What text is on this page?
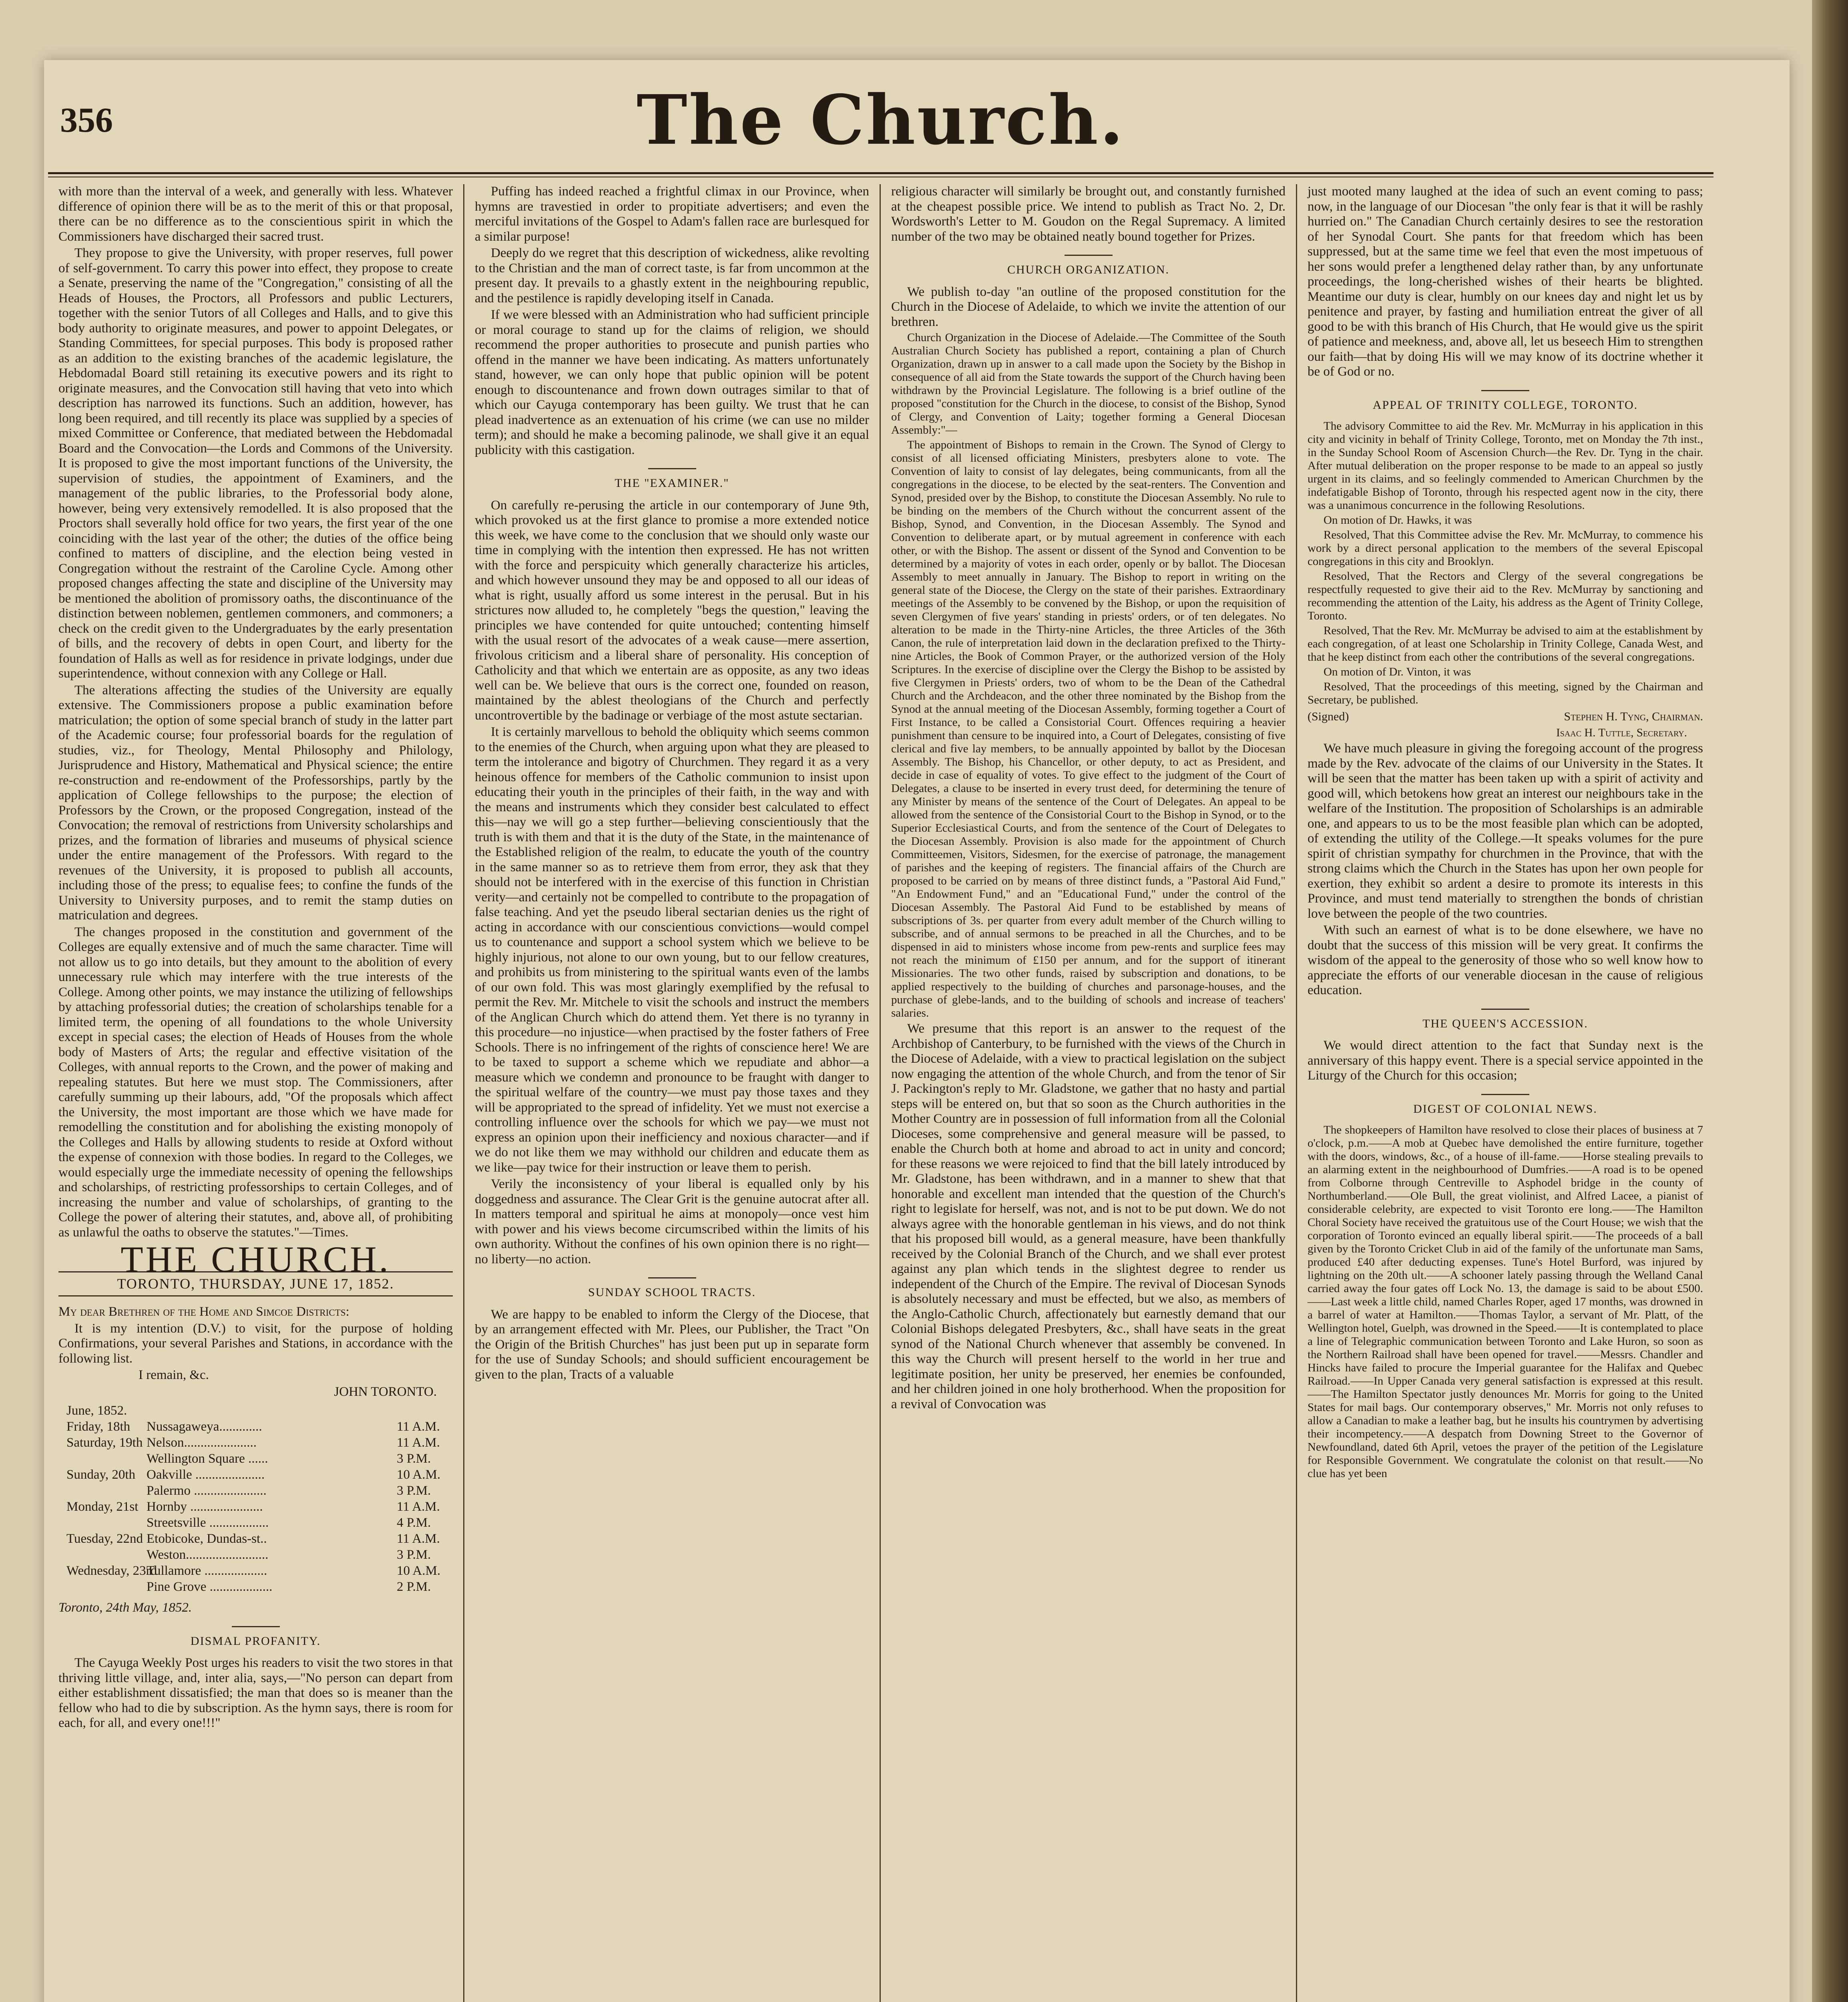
356	The Church.

with more than the interval of a week, and generally with less. Whatever difference of opinion there will be as to the merit of this or that proposal, there can be no difference as to the conscientious spirit in which the Commissioners have discharged their sacred trust.

They propose to give the University, with proper reserves, full power of self-government. To carry this power into effect, they propose to create a Senate, preserving the name of the "Congregation," consisting of all the Heads of Houses, the Proctors, all Professors and public Lecturers, together with the senior Tutors of all Colleges and Halls, and to give this body authority to originate measures, and power to appoint Delegates, or Standing Committees, for special purposes. This body is proposed rather as an addition to the existing branches of the academic legislature, the Hebdomadal Board still retaining its executive powers and its right to originate measures, and the Convocation still having that veto into which description has narrowed its functions. Such an addition, however, has long been required, and till recently its place was supplied by a species of mixed Committee or Conference, that mediated between the Hebdomadal Board and the Convocation—the Lords and Commons of the University. It is proposed to give the most important functions of the University, the supervision of studies, the appointment of Examiners, and the management of the public libraries, to the Professorial body alone, however, being very extensively remodelled. It is also proposed that the Proctors shall severally hold office for two years, the first year of the one coinciding with the last year of the other; the duties of the office being confined to matters of discipline, and the election being vested in Congregation without the restraint of the Caroline Cycle. Among other proposed changes affecting the state and discipline of the University may be mentioned the abolition of promissory oaths, the discontinuance of the distinction between noblemen, gentlemen commoners, and commoners; a check on the credit given to the Undergraduates by the early presentation of bills, and the recovery of debts in open Court, and liberty for the foundation of Halls as well as for residence in private lodgings, under due superintendence, without connexion with any College or Hall.

The alterations affecting the studies of the University are equally extensive. The Commissioners propose a public examination before matriculation; the option of some special branch of study in the latter part of the Academic course; four professorial boards for the regulation of studies, viz., for Theology, Mental Philosophy and Philology, Jurisprudence and History, Mathematical and Physical science; the entire re-construction and re-endowment of the Professorships, partly by the application of College fellowships to the purpose; the election of Professors by the Crown, or the proposed Congregation, instead of the Convocation; the removal of restrictions from University scholarships and prizes, and the formation of libraries and museums of physical science under the entire management of the Professors. With regard to the revenues of the University, it is proposed to publish all accounts, including those of the press; to equalise fees; to confine the funds of the University to University purposes, and to remit the stamp duties on matriculation and degrees.

The changes proposed in the constitution and government of the Colleges are equally extensive and of much the same character. Time will not allow us to go into details, but they amount to the abolition of every unnecessary rule which may interfere with the true interests of the College. Among other points, we may instance the utilizing of fellowships by attaching professorial duties; the creation of scholarships tenable for a limited term, the opening of all foundations to the whole University except in special cases; the election of Heads of Houses from the whole body of Masters of Arts; the regular and effective visitation of the Colleges, with annual reports to the Crown, and the power of making and repealing statutes. But here we must stop. The Commissioners, after carefully summing up their labours, add, "Of the proposals which affect the University, the most important are those which we have made for remodelling the constitution and for abolishing the existing monopoly of the Colleges and Halls by allowing students to reside at Oxford without the expense of connexion with those bodies. In regard to the Colleges, we would especially urge the immediate necessity of opening the fellowships and scholarships, of restricting professorships to certain Colleges, and of increasing the number and value of scholarships, of granting to the College the power of altering their statutes, and, above all, of prohibiting as unlawful the oaths to observe the statutes."—Times.

THE CHURCH.
TORONTO, THURSDAY, JUNE 17, 1852.

My dear Brethren of the Home and Simcoe Districts:

It is my intention (D.V.) to visit, for the purpose of holding Confirmations, your several Parishes and Stations, in accordance with the following list.

I remain, &c.
JOHN TORONTO.
June, 1852.
Friday, 18th	Nussagaweya.............	11 A.M.
Saturday, 19th Nelson......................	11 A.M.
Wellington Square ......	3 P.M.
Sunday, 20th Oakville .....................	10 A.M.
Palermo ......................	3 P.M.
Monday, 21st Hornby ......................	11 A.M.
Streetsville ..................	4 P.M.
Tuesday, 22nd Etobicoke, Dundas-st..	11 A.M.
Weston.........................	3 P.M.
Wednesday, 23rd
Tullamore ...................	10 A.M.
Pine Grove ...................	2 P.M.

Toronto, 24th May, 1852.

DISMAL PROFANITY.

The Cayuga Weekly Post urges his readers to visit the two stores in that thriving little village, and, inter alia, says,—"No person can depart from either establishment dissatisfied; the man that does so is meaner than the fellow who had to die by subscription. As the hymn says, there is room for each, for all, and every one!!!"

Puffing has indeed reached a frightful climax in our Province, when hymns are travestied in order to propitiate advertisers; and even the merciful invitations of the Gospel to Adam's fallen race are burlesqued for a similar purpose!

Deeply do we regret that this description of wickedness, alike revolting to the Christian and the man of correct taste, is far from uncommon at the present day. It prevails to a ghastly extent in the neighbouring republic, and the pestilence is rapidly developing itself in Canada.

If we were blessed with an Administration who had sufficient principle or moral courage to stand up for the claims of religion, we should recommend the proper authorities to prosecute and punish parties who offend in the manner we have been indicating. As matters unfortunately stand, however, we can only hope that public opinion will be potent enough to discountenance and frown down outrages similar to that of which our Cayuga contemporary has been guilty. We trust that he can plead inadvertence as an extenuation of his crime (we can use no milder term); and should he make a becoming palinode, we shall give it an equal publicity with this castigation.

THE "EXAMINER."

On carefully re-perusing the article in our contemporary of June 9th, which provoked us at the first glance to promise a more extended notice this week, we have come to the conclusion that we should only waste our time in complying with the intention then expressed. He has not written with the force and perspicuity which generally characterize his articles, and which however unsound they may be and opposed to all our ideas of what is right, usually afford us some interest in the perusal. But in his strictures now alluded to, he completely "begs the question," leaving the principles we have contended for quite untouched; contenting himself with the usual resort of the advocates of a weak cause—mere assertion, frivolous criticism and a liberal share of personality. His conception of Catholicity and that which we entertain are as opposite, as any two ideas well can be. We believe that ours is the correct one, founded on reason, maintained by the ablest theologians of the Church and perfectly uncontrovertible by the badinage or verbiage of the most astute sectarian.

It is certainly marvellous to behold the obliquity which seems common to the enemies of the Church, when arguing upon what they are pleased to term the intolerance and bigotry of Churchmen. They regard it as a very heinous offence for members of the Catholic communion to insist upon educating their youth in the principles of their faith, in the way and with the means and instruments which they consider best calculated to effect this—nay we will go a step further—believing conscientiously that the truth is with them and that it is the duty of the State, in the maintenance of the Established religion of the realm, to educate the youth of the country in the same manner so as to retrieve them from error, they ask that they should not be interfered with in the exercise of this function in Christian verity—and certainly not be compelled to contribute to the propagation of false teaching. And yet the pseudo liberal sectarian denies us the right of acting in accordance with our conscientious convictions—would compel us to countenance and support a school system which we believe to be highly injurious, not alone to our own young, but to our fellow creatures, and prohibits us from ministering to the spiritual wants even of the lambs of our own fold. This was most glaringly exemplified by the refusal to permit the Rev. Mr. Mitchele to visit the schools and instruct the members of the Anglican Church which do attend them. Yet there is no tyranny in this procedure—no injustice—when practised by the foster fathers of Free Schools. There is no infringement of the rights of conscience here! We are to be taxed to support a scheme which we repudiate and abhor—a measure which we condemn and pronounce to be fraught with danger to the spiritual welfare of the country—we must pay those taxes and they will be appropriated to the spread of infidelity. Yet we must not exercise a controlling influence over the schools for which we pay—we must not express an opinion upon their inefficiency and noxious character—and if we do not like them we may withhold our children and educate them as we like—pay twice for their instruction or leave them to perish.

Verily the inconsistency of your liberal is equalled only by his doggedness and assurance. The Clear Grit is the genuine autocrat after all. In matters temporal and spiritual he aims at monopoly—once vest him with power and his views become circumscribed within the limits of his own authority. Without the confines of his own opinion there is no right—no liberty—no action.

SUNDAY SCHOOL TRACTS.

We are happy to be enabled to inform the Clergy of the Diocese, that by an arrangement effected with Mr. Plees, our Publisher, the Tract "On the Origin of the British Churches" has just been put up in separate form for the use of Sunday Schools; and should sufficient encouragement be given to the plan, Tracts of a valuable

religious character will similarly be brought out, and constantly furnished at the cheapest possible price. We intend to publish as Tract No. 2, Dr. Wordsworth's Letter to M. Goudon on the Regal Supremacy. A limited number of the two may be obtained neatly bound together for Prizes.

CHURCH ORGANIZATION.

We publish to-day "an outline of the proposed constitution for the Church in the Diocese of Adelaide, to which we invite the attention of our brethren.

Church Organization in the Diocese of Adelaide.—The Committee of the South Australian Church Society has published a report, containing a plan of Church Organization, drawn up in answer to a call made upon the Society by the Bishop in consequence of all aid from the State towards the support of the Church having been withdrawn by the Provincial Legislature. The following is a brief outline of the proposed "constitution for the Church in the diocese, to consist of the Bishop, Synod of Clergy, and Convention of Laity; together forming a General Diocesan Assembly:"—

The appointment of Bishops to remain in the Crown. The Synod of Clergy to consist of all licensed officiating Ministers, presbyters alone to vote. The Convention of laity to consist of lay delegates, being communicants, from all the congregations in the diocese, to be elected by the seat-renters. The Convention and Synod, presided over by the Bishop, to constitute the Diocesan Assembly. No rule to be binding on the members of the Church without the concurrent assent of the Bishop, Synod, and Convention, in the Diocesan Assembly. The Synod and Convention to deliberate apart, or by mutual agreement in conference with each other, or with the Bishop. The assent or dissent of the Synod and Convention to be determined by a majority of votes in each order, openly or by ballot. The Diocesan Assembly to meet annually in January. The Bishop to report in writing on the general state of the Diocese, the Clergy on the state of their parishes. Extraordinary meetings of the Assembly to be convened by the Bishop, or upon the requisition of seven Clergymen of five years' standing in priests' orders, or of ten delegates. No alteration to be made in the Thirty-nine Articles, the three Articles of the 36th Canon, the rule of interpretation laid down in the declaration prefixed to the Thirty-nine Articles, the Book of Common Prayer, or the authorized version of the Holy Scriptures. In the exercise of discipline over the Clergy the Bishop to be assisted by five Clergymen in Priests' orders, two of whom to be the Dean of the Cathedral Church and the Archdeacon, and the other three nominated by the Bishop from the Synod at the annual meeting of the Diocesan Assembly, forming together a Court of First Instance, to be called a Consistorial Court. Offences requiring a heavier punishment than censure to be inquired into, a Court of Delegates, consisting of five clerical and five lay members, to be annually appointed by ballot by the Diocesan Assembly. The Bishop, his Chancellor, or other deputy, to act as President, and decide in case of equality of votes. To give effect to the judgment of the Court of Delegates, a clause to be inserted in every trust deed, for determining the tenure of any Minister by means of the sentence of the Court of Delegates. An appeal to be allowed from the sentence of the Consistorial Court to the Bishop in Synod, or to the Superior Ecclesiastical Courts, and from the sentence of the Court of Delegates to the Diocesan Assembly. Provision is also made for the appointment of Church Committeemen, Visitors, Sidesmen, for the exercise of patronage, the management of parishes and the keeping of registers. The financial affairs of the Church are proposed to be carried on by means of three distinct funds, a "Pastoral Aid Fund," "An Endowment Fund," and an "Educational Fund," under the control of the Diocesan Assembly. The Pastoral Aid Fund to be established by means of subscriptions of 3s. per quarter from every adult member of the Church willing to subscribe, and of annual sermons to be preached in all the Churches, and to be dispensed in aid to ministers whose income from pew-rents and surplice fees may not reach the minimum of £150 per annum, and for the support of itinerant Missionaries. The two other funds, raised by subscription and donations, to be applied respectively to the building of churches and parsonage-houses, and the purchase of glebe-lands, and to the building of schools and increase of teachers' salaries.

We presume that this report is an answer to the request of the Archbishop of Canterbury, to be furnished with the views of the Church in the Diocese of Adelaide, with a view to practical legislation on the subject now engaging the attention of the whole Church, and from the tenor of Sir J. Packington's reply to Mr. Gladstone, we gather that no hasty and partial steps will be entered on, but that so soon as the Church authorities in the Mother Country are in possession of full information from all the Colonial Dioceses, some comprehensive and general measure will be passed, to enable the Church both at home and abroad to act in unity and concord; for these reasons we were rejoiced to find that the bill lately introduced by Mr. Gladstone, has been withdrawn, and in a manner to shew that that honorable and excellent man intended that the question of the Church's right to legislate for herself, was not, and is not to be put down. We do not always agree with the honorable gentleman in his views, and do not think that his proposed bill would, as a general measure, have been thankfully received by the Colonial Branch of the Church, and we shall ever protest against any plan which tends in the slightest degree to render us independent of the Church of the Empire. The revival of Diocesan Synods is absolutely necessary and must be effected, but we also, as members of the Anglo-Catholic Church, affectionately but earnestly demand that our Colonial Bishops delegated Presbyters, &c., shall have seats in the great synod of the National Church whenever that assembly be convened. In this way the Church will present herself to the world in her true and legitimate position, her unity be preserved, her enemies be confounded, and her children joined in one holy brotherhood. When the proposition for a revival of Convocation was

just mooted many laughed at the idea of such an event coming to pass; now, in the language of our Diocesan "the only fear is that it will be rashly hurried on." The Canadian Church certainly desires to see the restoration of her Synodal Court. She pants for that freedom which has been suppressed, but at the same time we feel that even the most impetuous of her sons would prefer a lengthened delay rather than, by any unfortunate proceedings, the long-cherished wishes of their hearts be blighted. Meantime our duty is clear, humbly on our knees day and night let us by penitence and prayer, by fasting and humiliation entreat the giver of all good to be with this branch of His Church, that He would give us the spirit of patience and meekness, and, above all, let us beseech Him to strengthen our faith—that by doing His will we may know of its doctrine whether it be of God or no.

APPEAL OF TRINITY COLLEGE, TORONTO.

The advisory Committee to aid the Rev. Mr. McMurray in his application in this city and vicinity in behalf of Trinity College, Toronto, met on Monday the 7th inst., in the Sunday School Room of Ascension Church—the Rev. Dr. Tyng in the chair. After mutual deliberation on the proper response to be made to an appeal so justly urgent in its claims, and so feelingly commended to American Churchmen by the indefatigable Bishop of Toronto, through his respected agent now in the city, there was a unanimous concurrence in the following Resolutions.

On motion of Dr. Hawks, it was

Resolved, That this Committee advise the Rev. Mr. McMurray, to commence his work by a direct personal application to the members of the several Episcopal congregations in this city and Brooklyn.

Resolved, That the Rectors and Clergy of the several congregations be respectfully requested to give their aid to the Rev. McMurray by sanctioning and recommending the attention of the Laity, his address as the Agent of Trinity College, Toronto.

Resolved, That the Rev. Mr. McMurray be advised to aim at the establishment by each congregation, of at least one Scholarship in Trinity College, Canada West, and that he keep distinct from each other the contributions of the several congregations.

On motion of Dr. Vinton, it was

Resolved, That the proceedings of this meeting, signed by the Chairman and Secretary, be published.

(Signed)	Stephen H. Tyng, Chairman.
Isaac H. Tuttle, Secretary.

We have much pleasure in giving the foregoing account of the progress made by the Rev. advocate of the claims of our University in the States. It will be seen that the matter has been taken up with a spirit of activity and good will, which betokens how great an interest our neighbours take in the welfare of the Institution. The proposition of Scholarships is an admirable one, and appears to us to be the most feasible plan which can be adopted, of extending the utility of the College.—It speaks volumes for the pure spirit of christian sympathy for churchmen in the Province, that with the strong claims which the Church in the States has upon her own people for exertion, they exhibit so ardent a desire to promote its interests in this Province, and must tend materially to strengthen the bonds of christian love between the people of the two countries.

With such an earnest of what is to be done elsewhere, we have no doubt that the success of this mission will be very great. It confirms the wisdom of the appeal to the generosity of those who so well know how to appreciate the efforts of our venerable diocesan in the cause of religious education.

THE QUEEN'S ACCESSION.

We would direct attention to the fact that Sunday next is the anniversary of this happy event. There is a special service appointed in the Liturgy of the Church for this occasion;

DIGEST OF COLONIAL NEWS.

The shopkeepers of Hamilton have resolved to close their places of business at 7 o'clock, p.m.——A mob at Quebec have demolished the entire furniture, together with the doors, windows, &c., of a house of ill-fame.——Horse stealing prevails to an alarming extent in the neighbourhood of Dumfries.——A road is to be opened from Colborne through Centreville to Asphodel bridge in the county of Northumberland.——Ole Bull, the great violinist, and Alfred Lacee, a pianist of considerable celebrity, are expected to visit Toronto ere long.——The Hamilton Choral Society have received the gratuitous use of the Court House; we wish that the corporation of Toronto evinced an equally liberal spirit.——The proceeds of a ball given by the Toronto Cricket Club in aid of the family of the unfortunate man Sams, produced £40 after deducting expenses. Tune's Hotel Burford, was injured by lightning on the 20th ult.——A schooner lately passing through the Welland Canal carried away the four gates off Lock No. 13, the damage is said to be about £500.——Last week a little child, named Charles Roper, aged 17 months, was drowned in a barrel of water at Hamilton.——Thomas Taylor, a servant of Mr. Platt, of the Wellington hotel, Guelph, was drowned in the Speed.——It is contemplated to place a line of Telegraphic communication between Toronto and Lake Huron, so soon as the Northern Railroad shall have been opened for travel.——Messrs. Chandler and Hincks have failed to procure the Imperial guarantee for the Halifax and Quebec Railroad.——In Upper Canada very general satisfaction is expressed at this result.——The Hamilton Spectator justly denounces Mr. Morris for going to the United States for mail bags. Our contemporary observes," Mr. Morris not only refuses to allow a Canadian to make a leather bag, but he insults his countrymen by advertising their incompetency.——A despatch from Downing Street to the Governor of Newfoundland, dated 6th April, vetoes the prayer of the petition of the Legislature for Responsible Government. We congratulate the colonist on that result.——No clue has yet been
